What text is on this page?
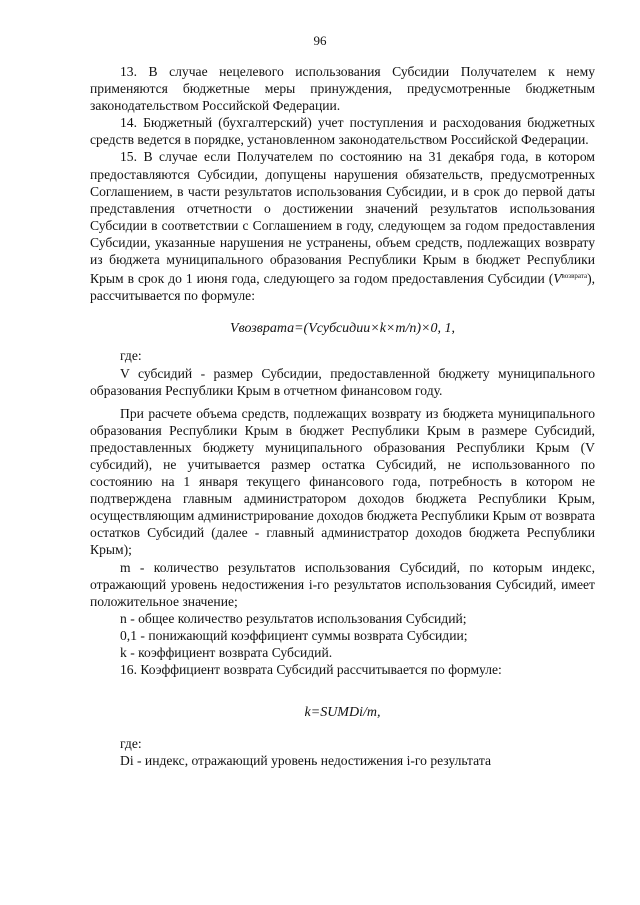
96

13. В случае нецелевого использования Субсидии Получателем к нему применяются бюджетные меры принуждения, предусмотренные бюджетным законодательством Российской Федерации.

14. Бюджетный (бухгалтерский) учет поступления и расходования бюджетных средств ведется в порядке, установленном законодательством Российской Федерации.

15. В случае если Получателем по состоянию на 31 декабря года, в котором предоставляются Субсидии, допущены нарушения обязательств, предусмотренных Соглашением, в части результатов использования Субсидии, и в срок до первой даты представления отчетности о достижении значений результатов использования Субсидии в соответствии с Соглашением в году, следующем за годом предоставления Субсидии, указанные нарушения не устранены, объем средств, подлежащих возврату из бюджета муниципального образования Республики Крым в бюджет Республики Крым в срок до 1 июня года, следующего за годом предоставления Субсидии $(V^{возврата})$, рассчитывается по формуле:

Vвозврата=(Vсубсидии×k×m/n)×0, 1,

где:

V субсидий - размер Субсидии, предоставленной бюджету муниципального образования Республики Крым в отчетном финансовом году.

При расчете объема средств, подлежащих возврату из бюджета муниципального образования Республики Крым в бюджет Республики Крым в размере Субсидий, предоставленных бюджету муниципального образования Республики Крым (V субсидий), не учитывается размер остатка Субсидий, не использованного по состоянию на 1 января текущего финансового года, потребность в котором не подтверждена главным администратором доходов бюджета Республики Крым, осуществляющим администрирование доходов бюджета Республики Крым от возврата остатков Субсидий (далее - главный администратор доходов бюджета Республики Крым);

m - количество результатов использования Субсидий, по которым индекс, отражающий уровень недостижения i-го результатов использования Субсидий, имеет положительное значение;

n - общее количество результатов использования Субсидий;

0,1 - понижающий коэффициент суммы возврата Субсидии;

k - коэффициент возврата Субсидий.

16. Коэффициент возврата Субсидий рассчитывается по формуле:

k=SUMDi/m,

где:

Di - индекс, отражающий уровень недостижения i-го результата
